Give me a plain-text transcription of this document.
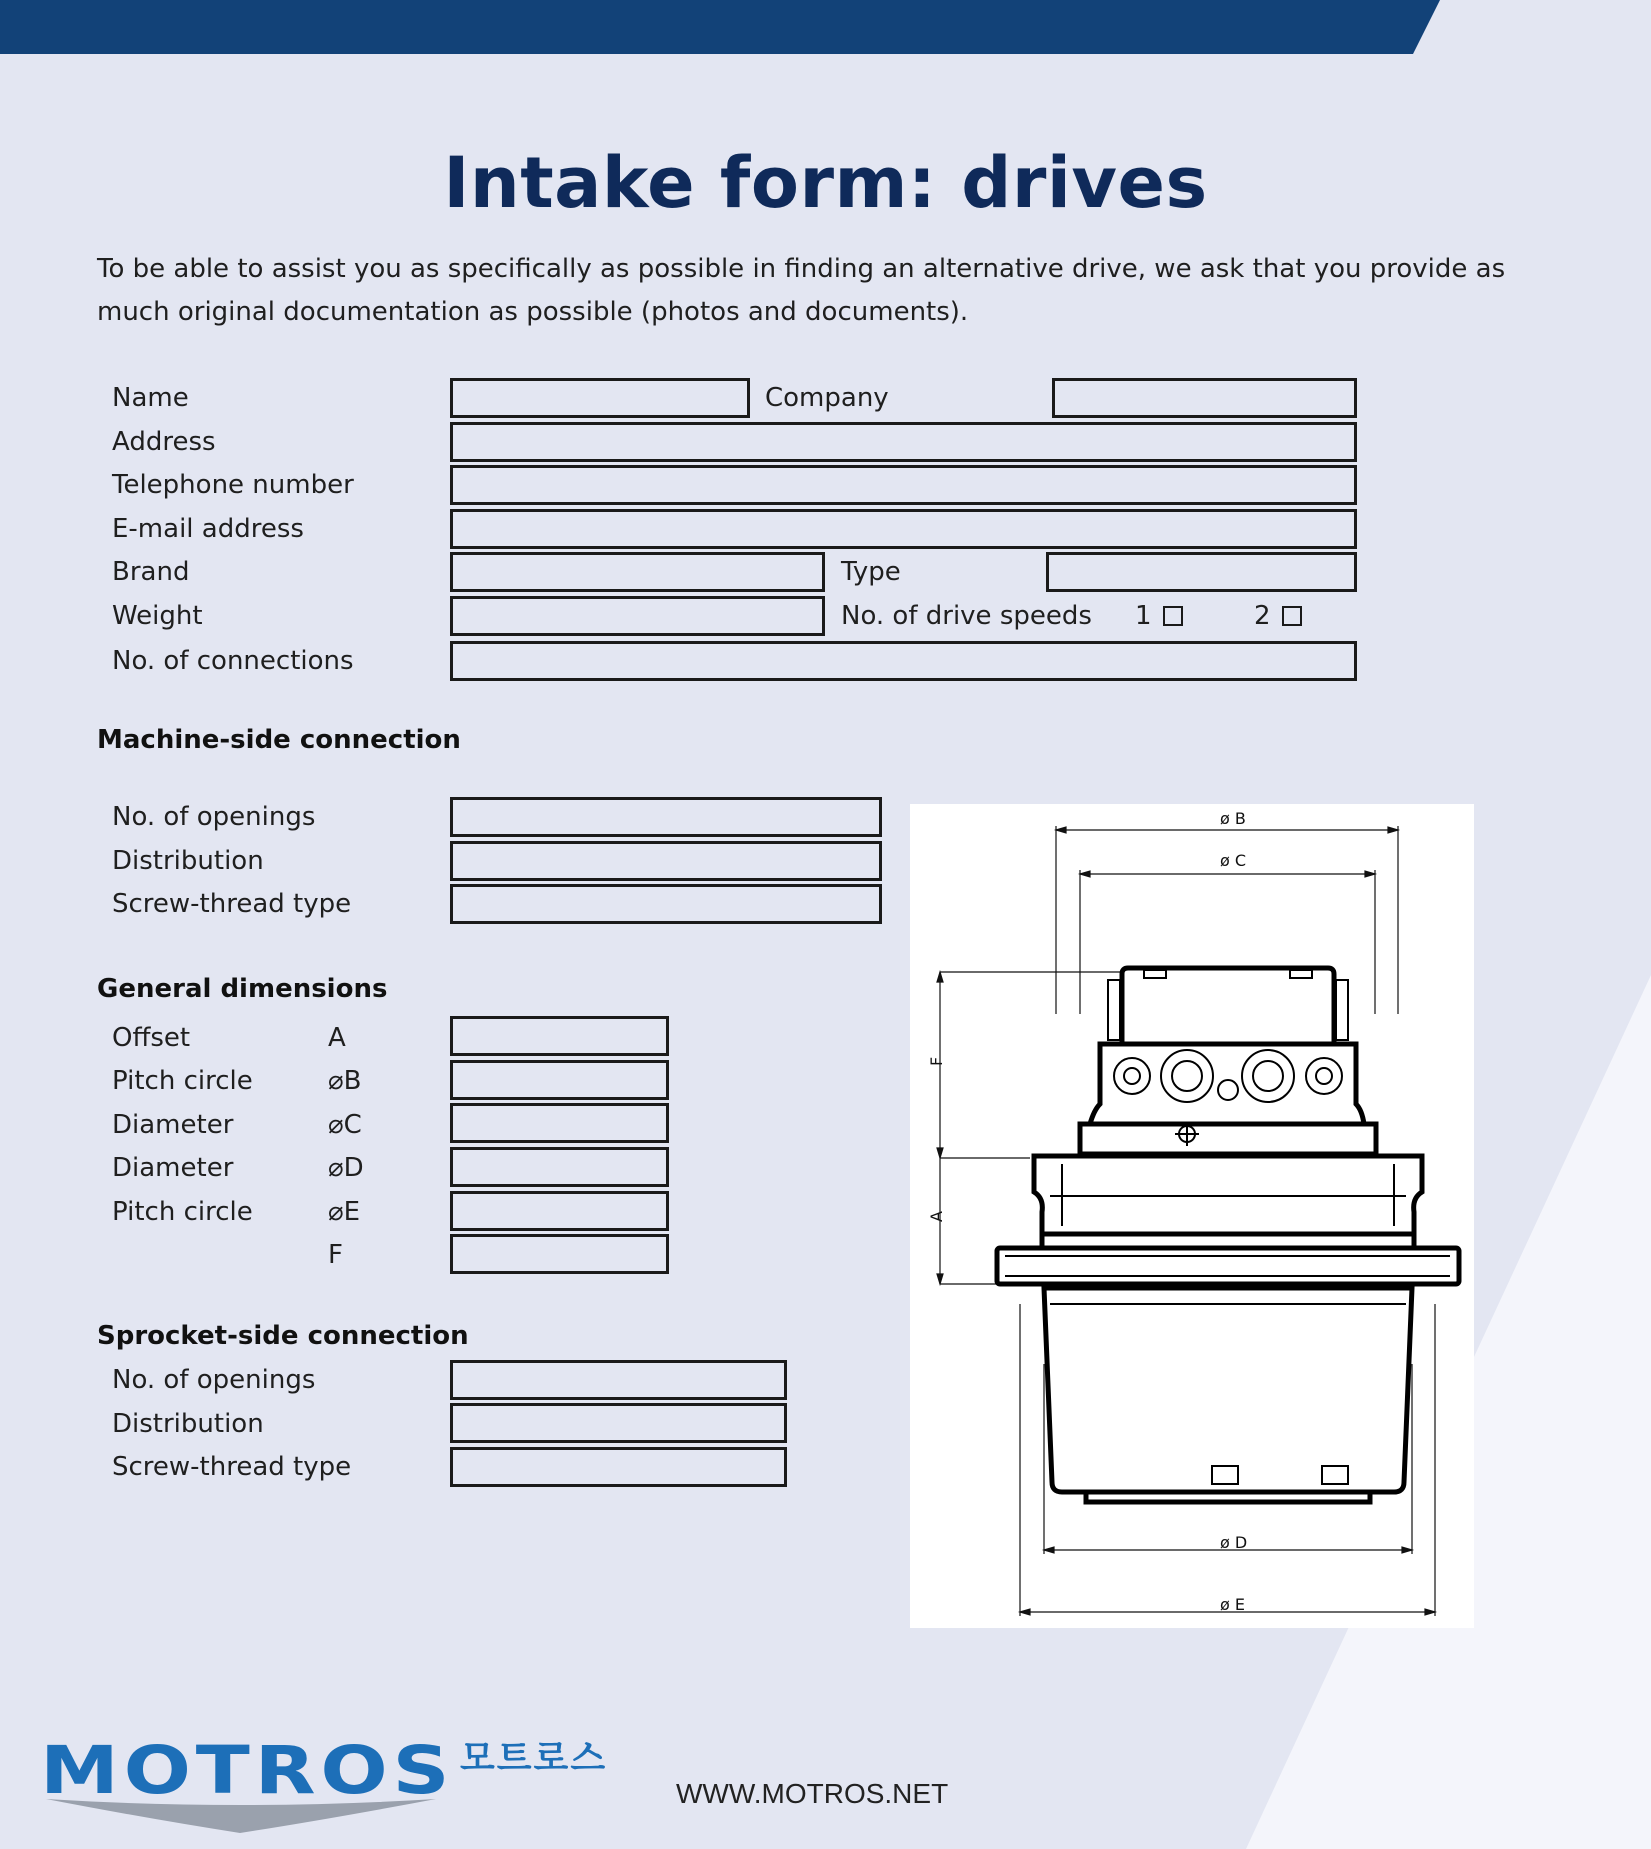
Intake form: drives
To be able to assist you as specifically as possible in finding an alternative drive, we ask that you provide as much original documentation as possible (photos and documents).
Name	Company
Address
Telephone number
E-mail address
Brand	Type
Weight	No. of drive speeds 1	2
No. of connections
Machine-side connection
No. of openings
Distribution
Screw-thread type
General dimensions
Offset	A
Pitch circle	⌀B
Diameter	⌀C
Diameter	⌀D
Pitch circle	⌀E
F
Sprocket-side connection
No. of openings
Distribution
Screw-thread type
ø B
ø C
ø D
ø E
F
A
MOTROS 모트로스
WWW.MOTROS.NET
